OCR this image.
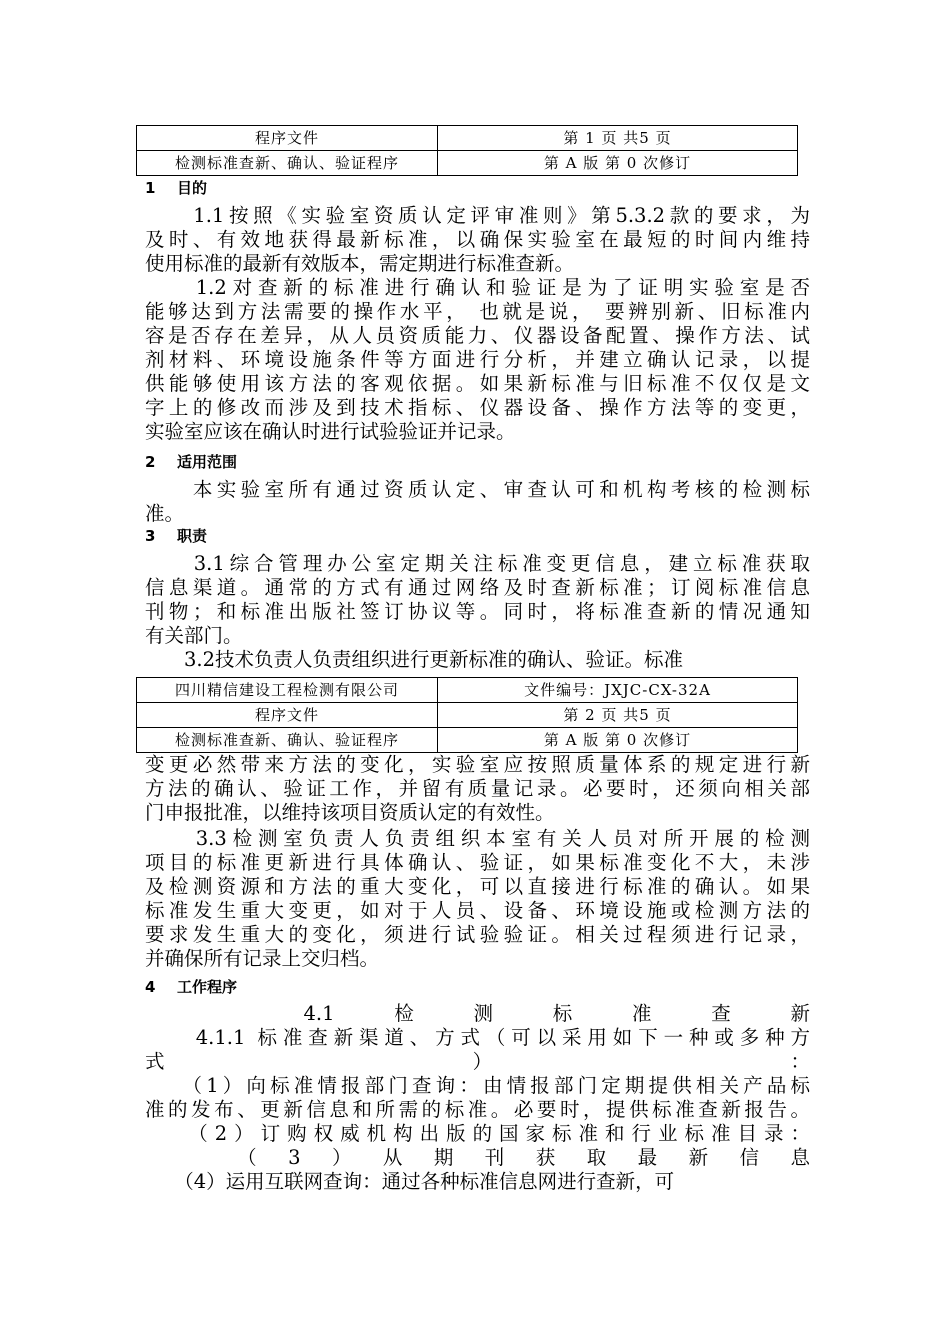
程序文件	第 1 页 共5 页
检测标准查新、确认、验证程序	第 A 版 第 0 次修订
1 目的
　　1.1按照《实验室资质认定评审准则》第5.3.2款的要求，为
及时、有效地获得最新标准，以确保实验室在最短的时间内维持
使用标准的最新有效版本，需定期进行标准查新。
　　1.2对查新的标准进行确认和验证是为了证明实验室是否
能够达到方法需要的操作水平， 也就是说， 要辨别新、旧标准内
容是否存在差异，从人员资质能力、仪器设备配置、操作方法、试
剂材料、环境设施条件等方面进行分析，并建立确认记录，以提
供能够使用该方法的客观依据。如果新标准与旧标准不仅仅是文
字上的修改而涉及到技术指标、仪器设备、操作方法等的变更，
实验室应该在确认时进行试验验证并记录。
2 适用范围
　　本实验室所有通过资质认定、审查认可和机构考核的检测标
准。
3 职责
　　3.1综合管理办公室定期关注标准变更信息，建立标准获取
信息渠道。通常的方式有通过网络及时查新标准；订阅标准信息
刊物；和标准出版社签订协议等。同时，将标准查新的情况通知
有关部门。
　　3.2技术负责人负责组织进行更新标准的确认、验证。标准
四川精信建设工程检测有限公司	文件编号：JXJC-CX-32A
程序文件	第 2 页 共5 页
检测标准查新、确认、验证程序	第 A 版 第 0 次修订
变更必然带来方法的变化，实验室应按照质量体系的规定进行新
方法的确认、验证工作，并留有质量记录。必要时，还须向相关部
门申报批准，以维持该项目资质认定的有效性。
　　3.3检测室负责人负责组织本室有关人员对所开展的检测
项目的标准更新进行具体确认、验证，如果标准变化不大，未涉
及检测资源和方法的重大变化，可以直接进行标准的确认。如果
标准发生重大变更，如对于人员、设备、环境设施或检测方法的
要求发生重大的变化，须进行试验验证。相关过程须进行记录，
并确保所有记录上交归档。
4 工作程序
　　4.1检测标准查新
　　4.1.1 标准查新渠道、方式（可以采用如下一种或多种方
式）：
　　（1）向标准情报部门查询：由情报部门定期提供相关产品标
准的发布、更新信息和所需的标准。必要时，提供标准查新报告。
　　（2）订购权威机构出版的国家标准和行业标准目录：
　　（3）从期刊获取最新信息
　　（4）运用互联网查询：通过各种标准信息网进行查新，可
